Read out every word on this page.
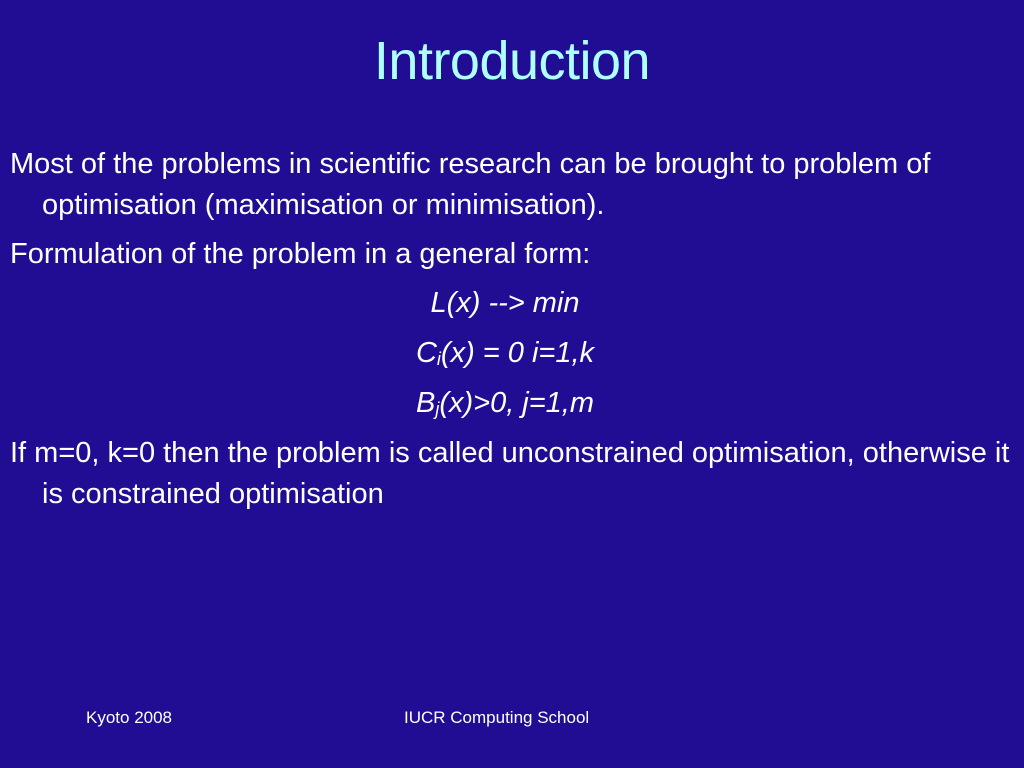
Introduction

Most of the problems in scientific research can be brought to problem of optimisation (maximisation or minimisation).

Formulation of the problem in a general form:

L(x) --> min

$C_i(x) = 0$ i=1,k

$B_j(x)>0$, j=1,m

If m=0, k=0 then the problem is called unconstrained optimisation, otherwise it is constrained optimisation

Kyoto 2008	IUCR Computing School
